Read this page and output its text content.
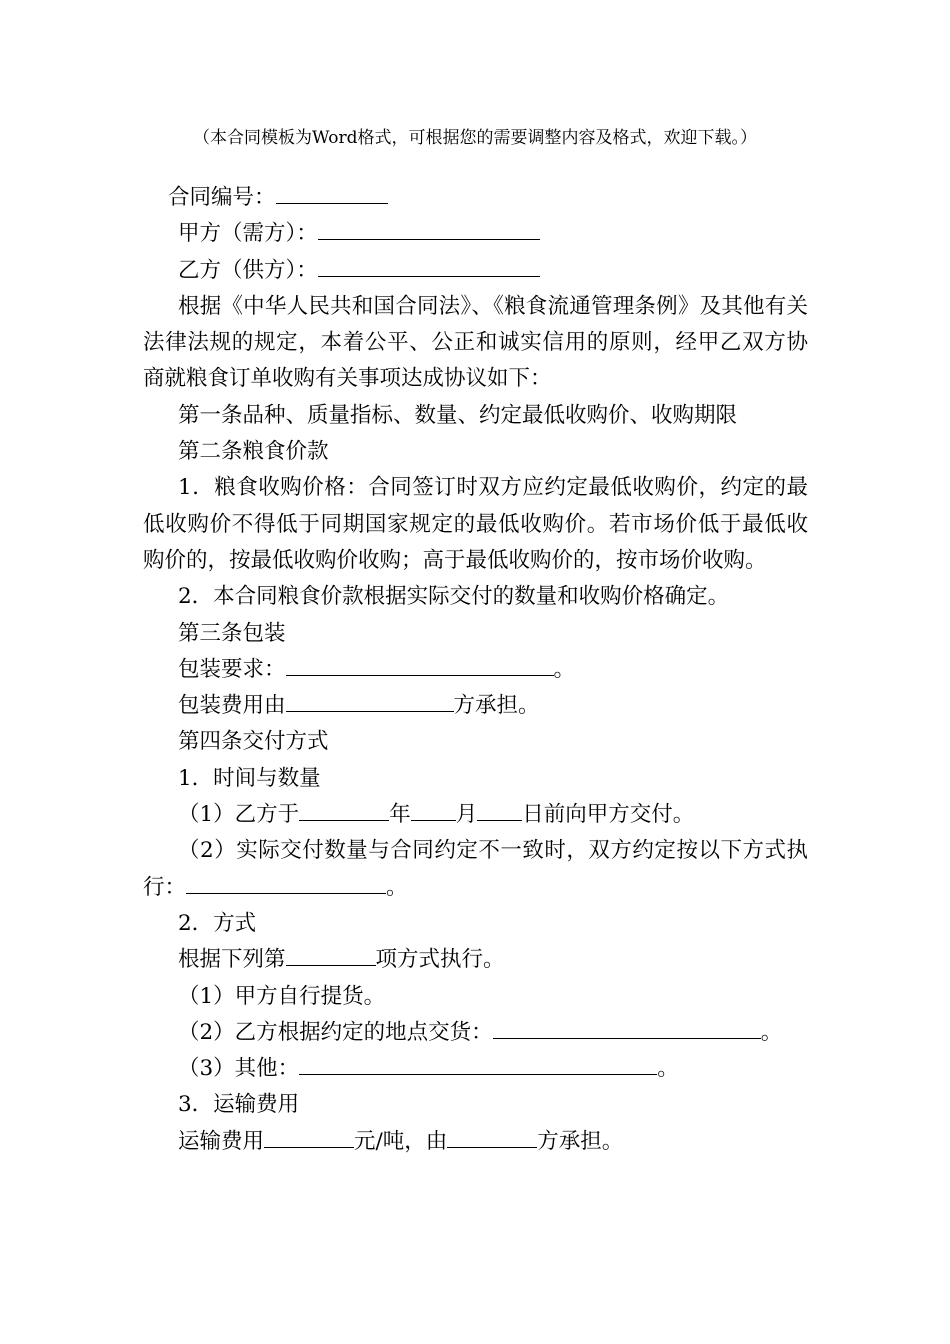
（本合同模板为Word格式，可根据您的需要调整内容及格式，欢迎下载。）

合同编号：

甲方（需方）：

乙方（供方）：

根据《中华人民共和国合同法》、《粮食流通管理条例》及其他有关法律法规的规定，本着公平、公正和诚实信用的原则，经甲乙双方协商就粮食订单收购有关事项达成协议如下：

第一条品种、质量指标、数量、约定最低收购价、收购期限

第二条粮食价款

1．粮食收购价格：合同签订时双方应约定最低收购价，约定的最低收购价不得低于同期国家规定的最低收购价。若市场价低于最低收购价的，按最低收购价收购；高于最低收购价的，按市场价收购。

2．本合同粮食价款根据实际交付的数量和收购价格确定。

第三条包装

包装要求：	。

包装费用由	方承担。

第四条交付方式

1．时间与数量

（1）乙方于	年 月 日前向甲方交付。

（2）实际交付数量与合同约定不一致时，双方约定按以下方式执行：	。

2．方式

根据下列第	项方式执行。

（1）甲方自行提货。

（2）乙方根据约定的地点交货：	。

（3）其他：	。

3．运输费用

运输费用	元/吨，由	方承担。
